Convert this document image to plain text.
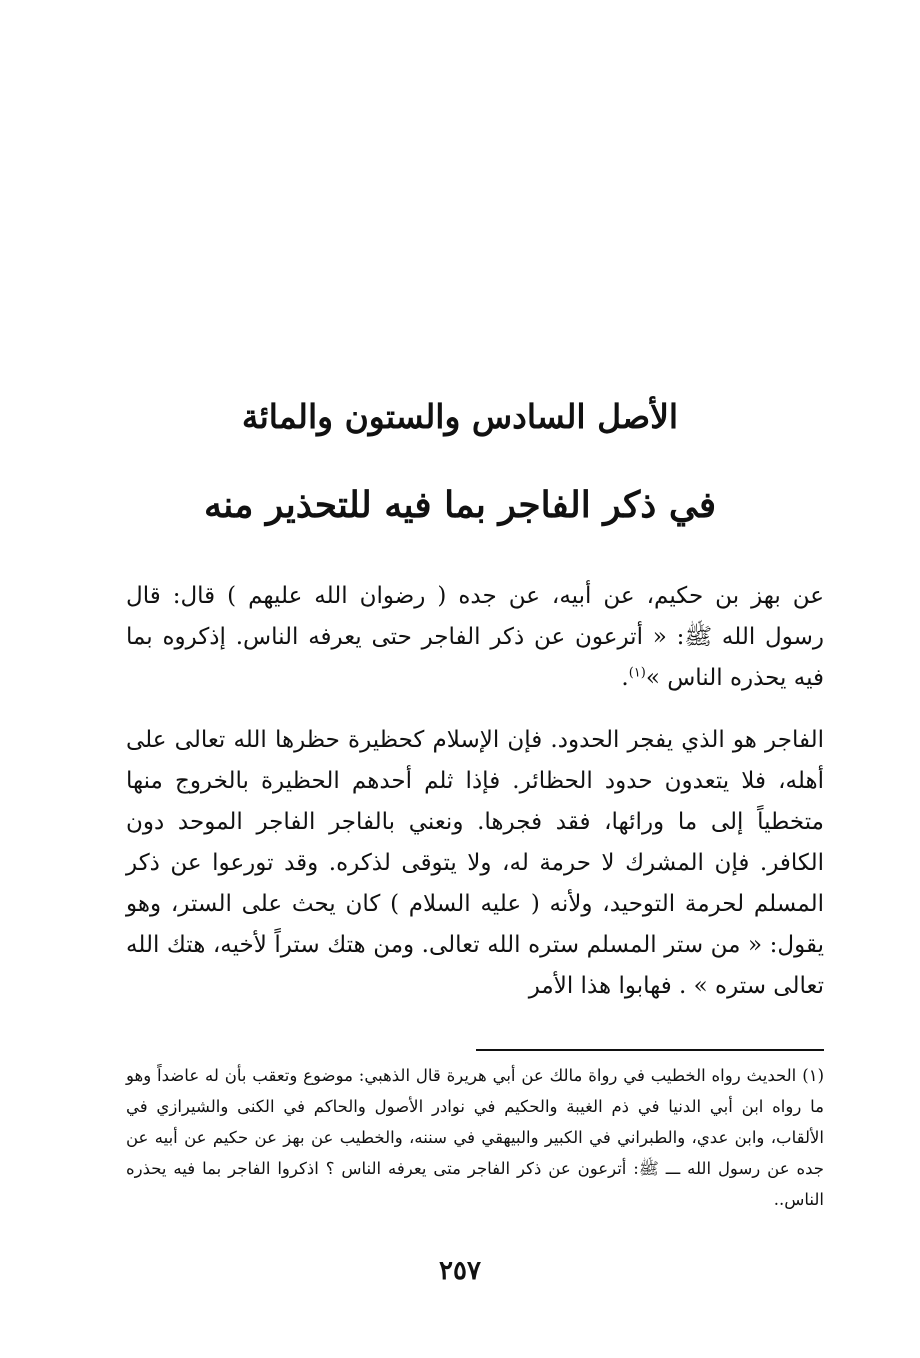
الأصل السادس والستون والمائة
في ذكر الفاجر بما فيه للتحذير منه

عن بهز بن حكيم، عن أبيه، عن جده ( رضوان الله عليهم ) قال: قال رسول الله ﷺ: « أترعون عن ذكر الفاجر حتى يعرفه الناس. إذكروه بما فيه يحذره الناس »$^{(١)}$.

الفاجر هو الذي يفجر الحدود. فإن الإسلام كحظيرة حظرها الله تعالى على أهله، فلا يتعدون حدود الحظائر. فإذا ثلم أحدهم الحظيرة بالخروج منها متخطياً إلى ما ورائها، فقد فجرها. ونعني بالفاجر الفاجر الموحد دون الكافر. فإن المشرك لا حرمة له، ولا يتوقى لذكره. وقد تورعوا عن ذكر المسلم لحرمة التوحيد، ولأنه ( عليه السلام ) كان يحث على الستر، وهو يقول: « من ستر المسلم ستره الله تعالى. ومن هتك ستراً لأخيه، هتك الله تعالى ستره » . فهابوا هذا الأمر

(١)الحديث رواه الخطيب في رواة مالك عن أبي هريرة قال الذهبي: موضوع وتعقب بأن له عاضداً وهو ما رواه ابن أبي الدنيا في ذم الغيبة والحكيم في نوادر الأصول والحاكم في الكنى والشيرازي في الألقاب، وابن عدي، والطبراني في الكبير والبيهقي في سننه، والخطيب عن بهز عن حكيم عن أبيه عن جده عن رسول الله ـــ ﷺ: أترعون عن ذكر الفاجر متى يعرفه الناس ؟ اذكروا الفاجر بما فيه يحذره الناس..

٢٥٧
